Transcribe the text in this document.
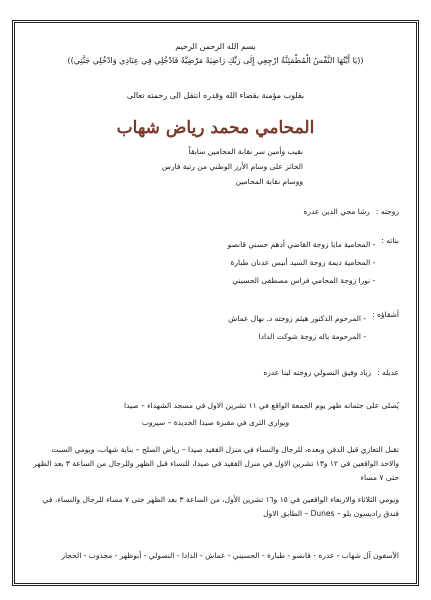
بسم الله الرحمن الرحيم
((يَا أَيَّتُهَا النَّفْسُ الْمُطْمَئِنَّةُ ارْجِعِي إِلَى رَبِّكِ رَاضِيَةً مَرْضِيَّةً فَادْخُلِي فِي عِبَادِي وَادْخُلِي جَنَّتِي))
بقلوب مؤمنة بقضاء الله وقدره انتقل الى رحمته تعالى
المحامي محمد رياض شهاب
نقيب وأمين سر نقابة المحامين سابقاً
الحائز على وسام الأرز الوطني من رتبة فارس
ووسام نقابة المحامين
زوجته :
رشا محي الدين عدره
بناته :
- المحامية مايا زوجة القاضي أدهم حسني قانصو
- المحامية ديمة زوجة السيد أنيس عدنان طبارة
- نورا زوجة المحامي فراس مصطفى الحسيني
أشقاؤه :
- المرحوم الدكتور هيثم زوجته د. نهال عماش
- المرحومة باله زوجة شوكت الدادا
عديله :
زياد وفيق النصولي زوجته لينا عدره
يُصلى على جثمانه ظهر يوم الجمعة الواقع في ١١ تشرين الاول في مسجد الشهداء – صيدا
ويوارى الثرى في مقبرة صيدا الجديدة – سيروب
تقبل التعازي قبل الدفن وبعده، للرجال والنساء في منزل الفقيد صيدا – رياض الصلح – بناية شهاب، ويومي السبت والاحد الواقعين في ١٢ و١٣ تشرين الاول في منزل الفقيد في صيدا، للنساء قبل الظهر وللرجال من الساعة ٣ بعد الظهر حتى ٧ مساء
ويومي الثلاثاء والاربعاء الواقعين في ١٥ و١٦ تشرين الأول، من الساعة ٣ بعد الظهر حتى ٧ مساء للرجال والنساء، في فندق راديسون بلو – Dunes – الطابق الاول
الآسفون آل شهاب - عدره - قانصو - طبارة - الحسيني - عماش - الدادا - النصولي - أبوظهر - مجذوب - الحجار
